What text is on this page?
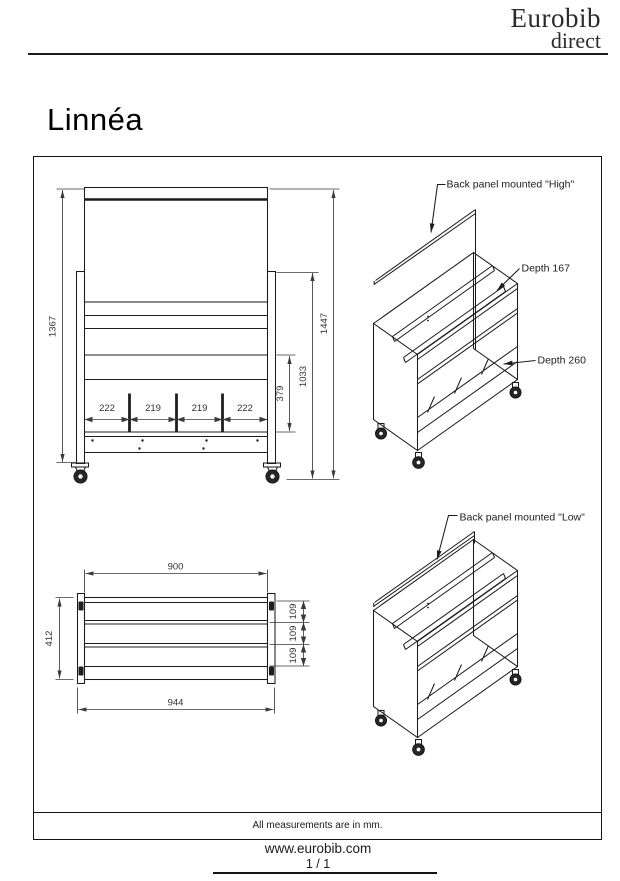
Eurobib
direct
Linnéa
1367	1447
1033
379
222	219	219	222
Back panel mounted "High"
Depth 167
Depth 260
900
944
412
109
109
109
Back panel mounted "Low"
All measurements are in mm.
www.eurobib.com
1 / 1
